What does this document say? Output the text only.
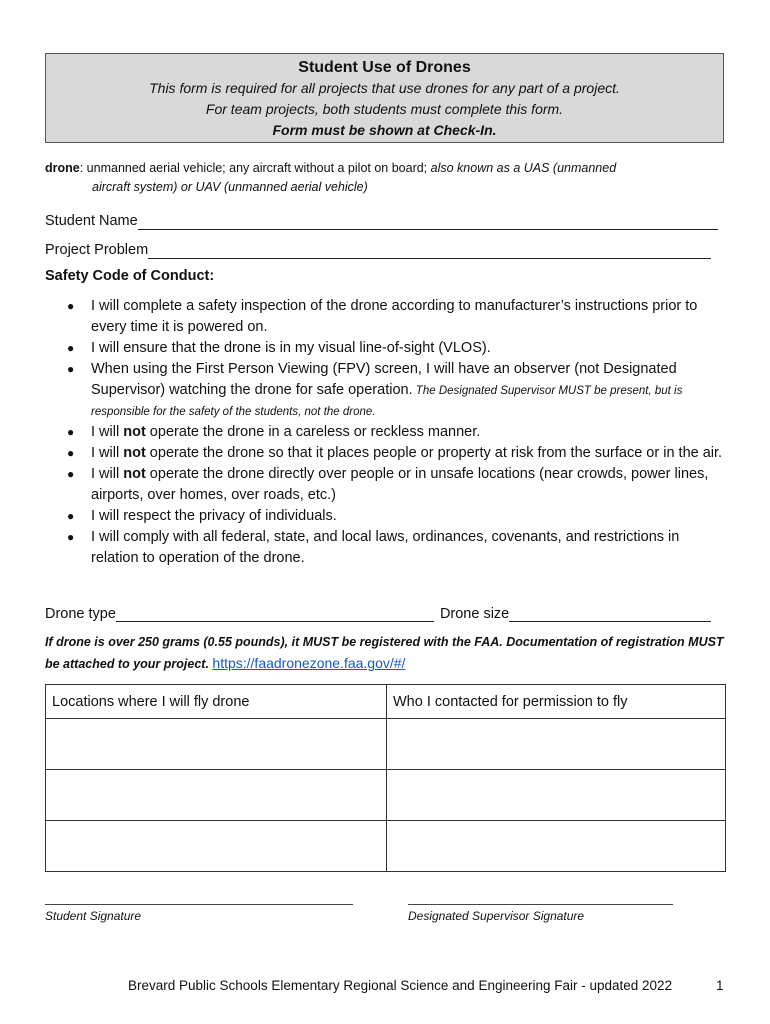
Student Use of Drones
This form is required for all projects that use drones for any part of a project.
For team projects, both students must complete this form.
Form must be shown at Check-In.
drone: unmanned aerial vehicle; any aircraft without a pilot on board; also known as a UAS (unmanned
aircraft system) or UAV (unmanned aerial vehicle)
Student Name
Project Problem
Safety Code of Conduct:
● I will complete a safety inspection of the drone according to manufacturer’s instructions prior to every time it is powered on.
● I will ensure that the drone is in my visual line-of-sight (VLOS).
● When using the First Person Viewing (FPV) screen, I will have an observer (not Designated Supervisor) watching the drone for safe operation. The Designated Supervisor MUST be present, but is responsible for the safety of the students, not the drone.
● I will not operate the drone in a careless or reckless manner.
● I will not operate the drone so that it places people or property at risk from the surface or in the air.
● I will not operate the drone directly over people or in unsafe locations (near crowds, power lines, airports, over homes, over roads, etc.)
● I will respect the privacy of individuals.
● I will comply with all federal, state, and local laws, ordinances, covenants, and restrictions in relation to operation of the drone.
Drone type	Drone size
If drone is over 250 grams (0.55 pounds), it MUST be registered with the FAA. Documentation of registration MUST be attached to your project. https://faadronezone.faa.gov/#/
Locations where I will fly drone	Who I contacted for permission to fly

Student Signature	Designated Supervisor Signature
Brevard Public Schools Elementary Regional Science and Engineering Fair - updated 2022	1
